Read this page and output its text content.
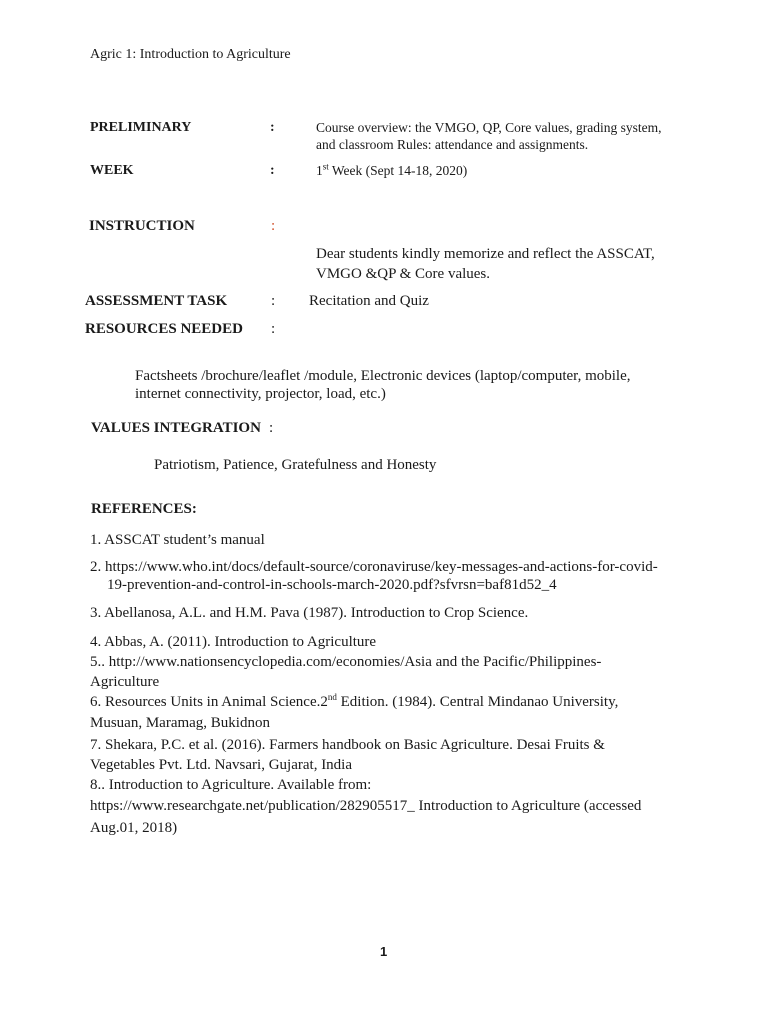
Agric 1: Introduction to Agriculture
PRELIMINARY	:	Course overview: the VMGO, QP, Core values, grading system,
and classroom Rules: attendance and assignments.
WEEK	:	1st Week (Sept 14-18, 2020)
INSTRUCTION	:
Dear students kindly memorize and reflect the ASSCAT,
VMGO &QP & Core values.
ASSESSMENT TASK	: Recitation and Quiz
RESOURCES NEEDED :
Factsheets /brochure/leaflet /module, Electronic devices (laptop/computer, mobile,
internet connectivity, projector, load, etc.)
VALUES INTEGRATION :
Patriotism, Patience, Gratefulness and Honesty
REFERENCES:
1. ASSCAT student’s manual
2. https://www.who.int/docs/default-source/coronaviruse/key-messages-and-actions-for-covid-
19-prevention-and-control-in-schools-march-2020.pdf?sfvrsn=baf81d52_4
3. Abellanosa, A.L. and H.M. Pava (1987). Introduction to Crop Science.
4. Abbas, A. (2011). Introduction to Agriculture
5.. http://www.nationsencyclopedia.com/economies/Asia and the Pacific/Philippines-
Agriculture
6. Resources Units in Animal Science.2nd Edition. (1984). Central Mindanao University,
Musuan, Maramag, Bukidnon
7. Shekara, P.C. et al. (2016). Farmers handbook on Basic Agriculture. Desai Fruits &
Vegetables Pvt. Ltd. Navsari, Gujarat, India
8.. Introduction to Agriculture. Available from:
https://www.researchgate.net/publication/282905517_ Introduction to Agriculture (accessed
Aug.01, 2018)
1
